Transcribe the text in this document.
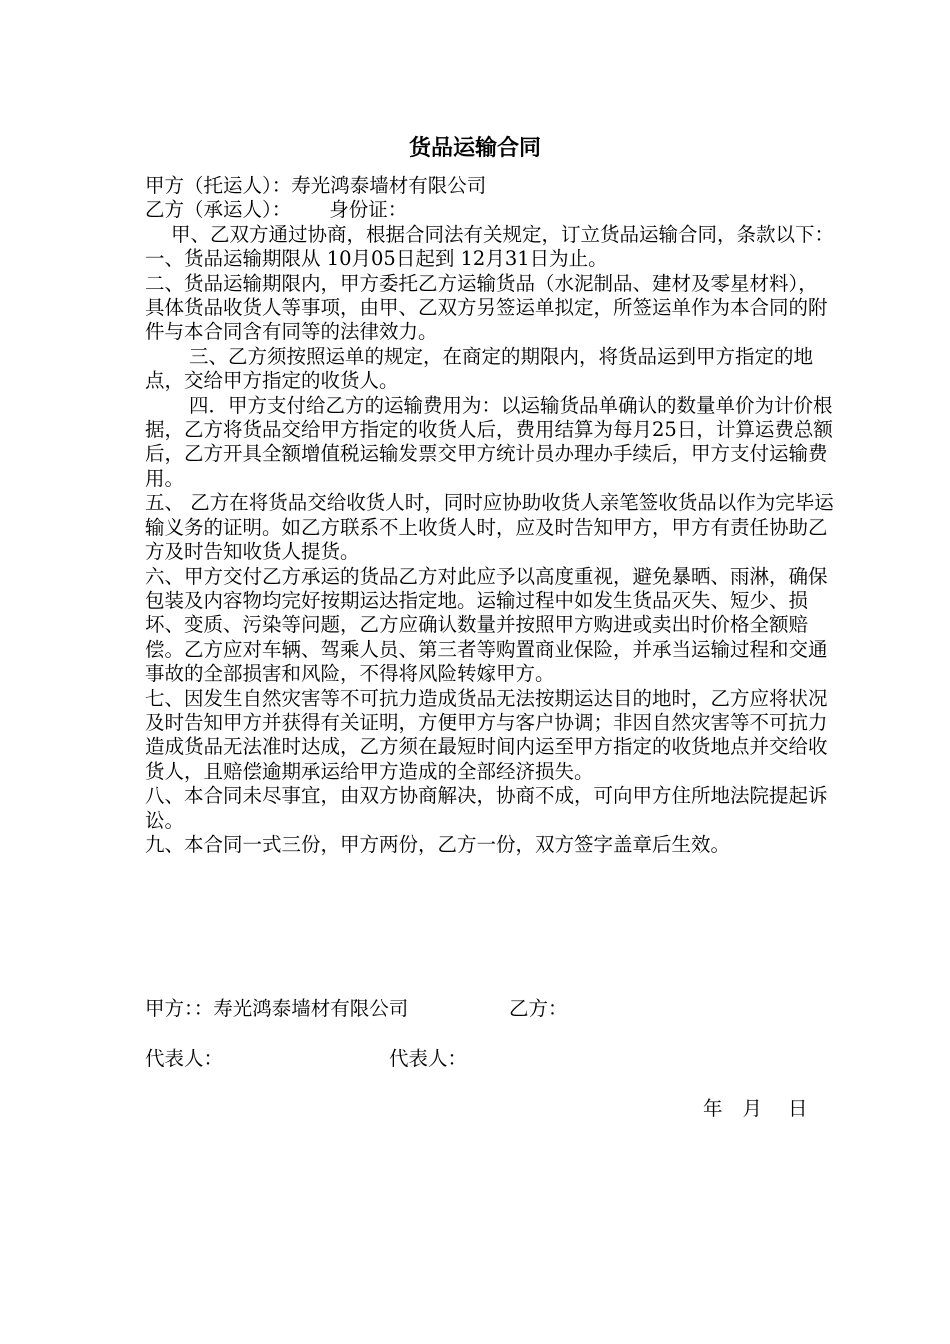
货品运输合同

甲方（托运人）：寿光鸿泰墙材有限公司

乙方（承运人）： 身份证：

甲、乙双方通过协商，根据合同法有关规定，订立货品运输合同，条款以下：

一、货品运输期限从 10月05日起到 12月31日为止。

二、货品运输期限内，甲方委托乙方运输货品（水泥制品、建材及零星材料），具体货品收货人等事项，由甲、乙双方另签运单拟定，所签运单作为本合同的附件与本合同含有同等的法律效力。

三、乙方须按照运单的规定，在商定的期限内，将货品运到甲方指定的地点，交给甲方指定的收货人。

四．甲方支付给乙方的运输费用为：以运输货品单确认的数量单价为计价根据，乙方将货品交给甲方指定的收货人后，费用结算为每月25日，计算运费总额后，乙方开具全额增值税运输发票交甲方统计员办理办手续后，甲方支付运输费用。

五、 乙方在将货品交给收货人时，同时应协助收货人亲笔签收货品以作为完毕运输义务的证明。如乙方联系不上收货人时，应及时告知甲方，甲方有责任协助乙方及时告知收货人提货。

六、甲方交付乙方承运的货品乙方对此应予以高度重视，避免暴晒、雨淋，确保包装及内容物均完好按期运达指定地。运输过程中如发生货品灭失、短少、损坏、变质、污染等问题，乙方应确认数量并按照甲方购进或卖出时价格全额赔偿。乙方应对车辆、驾乘人员、第三者等购置商业保险，并承当运输过程和交通事故的全部损害和风险，不得将风险转嫁甲方。

七、因发生自然灾害等不可抗力造成货品无法按期运达目的地时，乙方应将状况及时告知甲方并获得有关证明，方便甲方与客户协调；非因自然灾害等不可抗力造成货品无法准时达成，乙方须在最短时间内运至甲方指定的收货地点并交给收货人，且赔偿逾期承运给甲方造成的全部经济损失。

八、本合同未尽事宜，由双方协商解决，协商不成，可向甲方住所地法院提起诉讼。

九、本合同一式三份，甲方两份，乙方一份，双方签字盖章后生效。

甲方：：寿光鸿泰墙材有限公司	乙方：
代表人：	代表人：
年 月 日
